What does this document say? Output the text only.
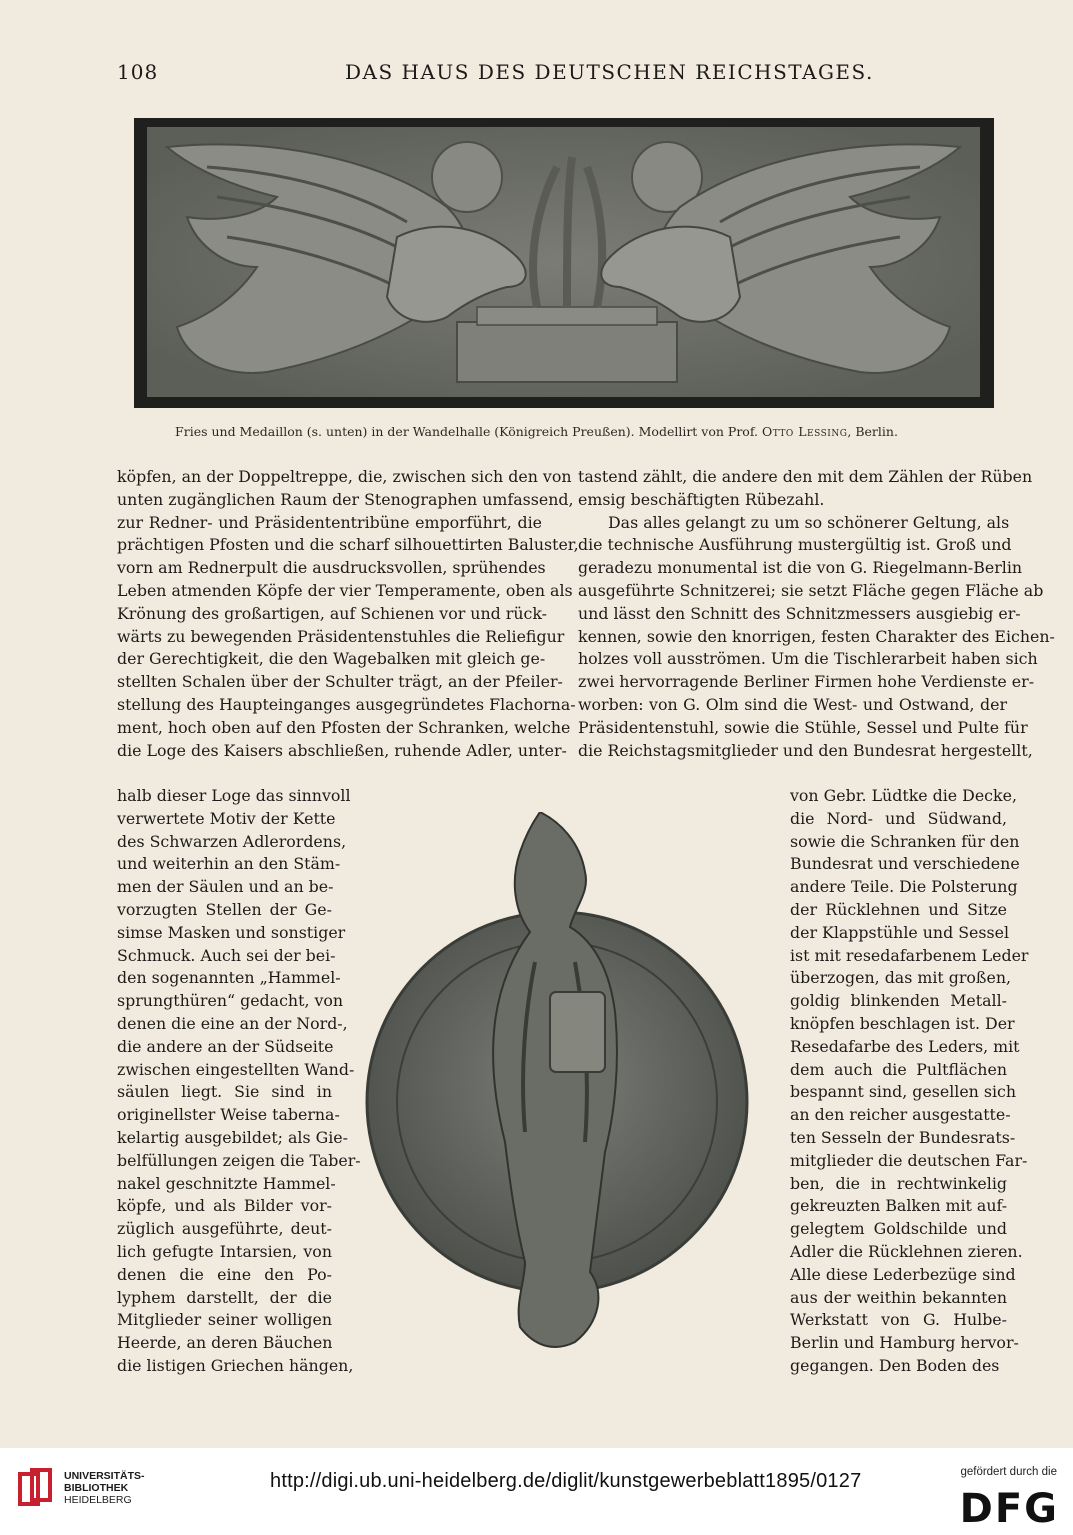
108	DAS HAUS DES DEUTSCHEN REICHSTAGES.
Fries und Medaillon (s. unten) in der Wandelhalle (Königreich Preußen). Modellirt von Prof. Otto Lessing, Berlin.
köpfen, an der Doppeltreppe, die, zwischen sich den von
unten zugänglichen Raum der Stenographen umfassend,
zur Redner- und Präsidententribüne emporführt, die
prächtigen Pfosten und die scharf silhouettirten Baluster,
vorn am Rednerpult die ausdrucksvollen, sprühendes
Leben atmenden Köpfe der vier Temperamente, oben als
Krönung des großartigen, auf Schienen vor und rück-
wärts zu bewegenden Präsidentenstuhles die Reliefigur
der Gerechtigkeit, die den Wagebalken mit gleich ge-
stellten Schalen über der Schulter trägt, an der Pfeiler-
stellung des Haupteinganges ausgegründetes Flachorna-
ment, hoch oben auf den Pfosten der Schranken, welche
die Loge des Kaisers abschließen, ruhende Adler, unter-
tastend zählt, die andere den mit dem Zählen der Rüben
emsig beschäftigten Rübezahl.
Das alles gelangt zu um so schönerer Geltung, als
die technische Ausführung mustergültig ist. Groß und
geradezu monumental ist die von G. Riegelmann-Berlin
ausgeführte Schnitzerei; sie setzt Fläche gegen Fläche ab
und lässt den Schnitt des Schnitzmessers ausgiebig er-
kennen, sowie den knorrigen, festen Charakter des Eichen-
holzes voll ausströmen. Um die Tischlerarbeit haben sich
zwei hervorragende Berliner Firmen hohe Verdienste er-
worben: von G. Olm sind die West- und Ostwand, der
Präsidentenstuhl, sowie die Stühle, Sessel und Pulte für
die Reichstagsmitglieder und den Bundesrat hergestellt,
halb dieser Loge das sinnvoll
verwertete Motiv der Kette
des Schwarzen Adlerordens,
und weiterhin an den Stäm-
men der Säulen und an be-
vorzugten Stellen der Ge-
simse Masken und sonstiger
Schmuck. Auch sei der bei-
den sogenannten „Hammel-
sprungthüren“ gedacht, von
denen die eine an der Nord-,
die andere an der Südseite
zwischen eingestellten Wand-
säulen liegt. Sie sind in
originellster Weise taberna-
kelartig ausgebildet; als Gie-
belfüllungen zeigen die Taber-
nakel geschnitzte Hammel-
köpfe, und als Bilder vor-
züglich ausgeführte, deut-
lich gefugte Intarsien, von
denen die eine den Po-
lyphem darstellt, der die
Mitglieder seiner wolligen
Heerde, an deren Bäuchen
die listigen Griechen hängen,
von Gebr. Lüdtke die Decke,
die Nord- und Südwand,
sowie die Schranken für den
Bundesrat und verschiedene
andere Teile. Die Polsterung
der Rücklehnen und Sitze
der Klappstühle und Sessel
ist mit resedafarbenem Leder
überzogen, das mit großen,
goldig blinkenden Metall-
knöpfen beschlagen ist. Der
Resedafarbe des Leders, mit
dem auch die Pultflächen
bespannt sind, gesellen sich
an den reicher ausgestatte-
ten Sesseln der Bundesrats-
mitglieder die deutschen Far-
ben, die in rechtwinkelig
gekreuzten Balken mit auf-
gelegtem Goldschilde und
Adler die Rücklehnen zieren.
Alle diese Lederbezüge sind
aus der weithin bekannten
Werkstatt von G. Hulbe-
Berlin und Hamburg hervor-
gegangen. Den Boden des
UNIVERSITÄTS-
BIBLIOTHEK
HEIDELBERG
http://digi.ub.uni-heidelberg.de/diglit/kunstgewerbeblatt1895/0127	gefördert durch die
DFG
